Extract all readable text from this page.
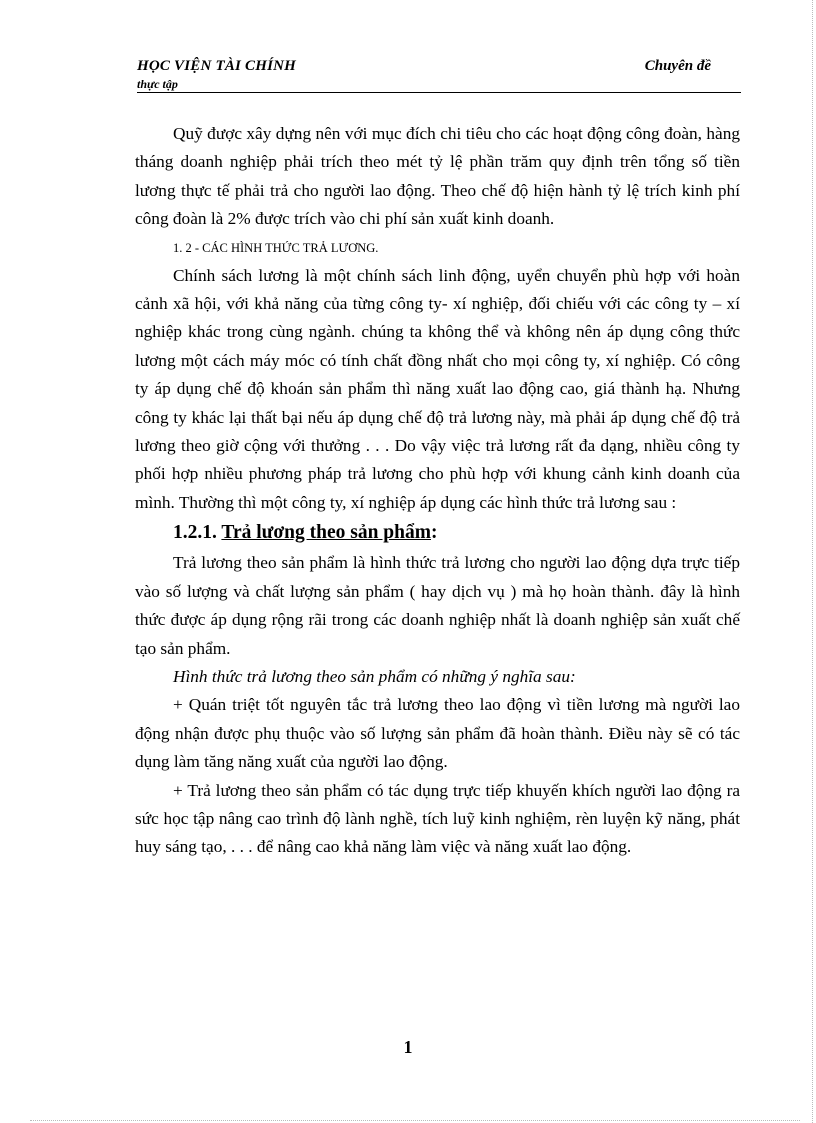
HỌC VIỆN TÀI CHÍNH	Chuyên đề
thực tập

Quỹ được xây dựng nên với mục đích chi tiêu cho các hoạt động công đoàn, hàng tháng doanh nghiệp phải trích theo mét tỷ lệ phần trăm quy định trên tổng số tiền lương thực tế phải trả cho người lao động. Theo chế độ hiện hành tỷ lệ trích kinh phí công đoàn là 2% được trích vào chi phí sản xuất kinh doanh.

1. 2 - CÁC HÌNH THỨC TRẢ LƯƠNG.

Chính sách lương là một chính sách linh động, uyển chuyển phù hợp với hoàn cảnh xã hội, với khả năng của từng công ty- xí nghiệp, đối chiếu với các công ty – xí nghiệp khác trong cùng ngành. chúng ta không thể và không nên áp dụng công thức lương một cách máy móc có tính chất đồng nhất cho mọi công ty, xí nghiệp. Có công ty áp dụng chế độ khoán sản phẩm thì năng xuất lao động cao, giá thành hạ. Nhưng công ty khác lại thất bại nếu áp dụng chế độ trả lương này, mà phải áp dụng chế độ trả lương theo giờ cộng với thưởng . . . Do vậy việc trả lương rất đa dạng, nhiều công ty phối hợp nhiều phương pháp trả lương cho phù hợp với khung cảnh kinh doanh của mình. Thường thì một công ty, xí nghiệp áp dụng các hình thức trả lương sau :

1.2.1. Trả lương theo sản phẩm:

Trả lương theo sản phẩm là hình thức trả lương cho người lao động dựa trực tiếp vào số lượng và chất lượng sản phẩm ( hay dịch vụ ) mà họ hoàn thành. đây là hình thức được áp dụng rộng rãi trong các doanh nghiệp nhất là doanh nghiệp sản xuất chế tạo sản phẩm.

Hình thức trả lương theo sản phẩm có những ý nghĩa sau:

+ Quán triệt tốt nguyên tắc trả lương theo lao động vì tiền lương mà người lao động nhận được phụ thuộc vào số lượng sản phẩm đã hoàn thành. Điều này sẽ có tác dụng làm tăng năng xuất của người lao động.

+ Trả lương theo sản phẩm có tác dụng trực tiếp khuyến khích người lao động ra sức học tập nâng cao trình độ lành nghề, tích luỹ kinh nghiệm, rèn luyện kỹ năng, phát huy sáng tạo, . . . để nâng cao khả năng làm việc và năng xuất lao động.

1
